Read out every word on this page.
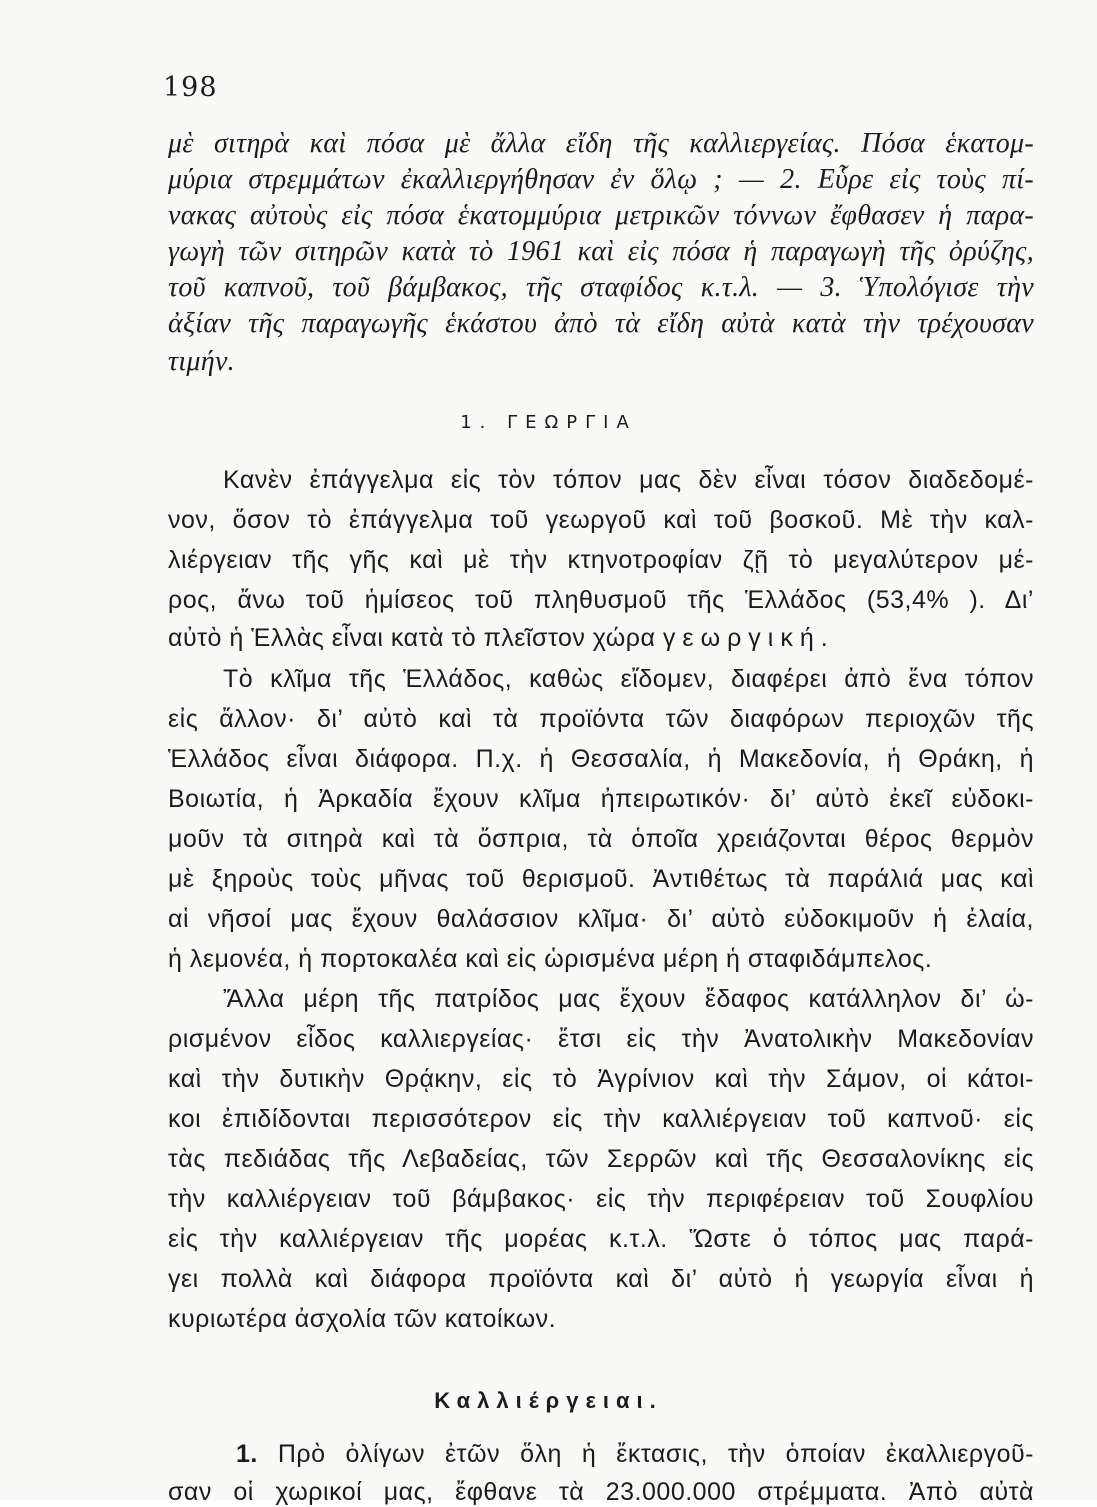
198
μὲ σιτηρὰ καὶ πόσα μὲ ἄλλα εἴδη τῆς καλλιεργείας. Πόσα ἑκατομ-
μύρια στρεμμάτων ἐκαλλιεργήθησαν ἐν ὅλῳ ; — 2. Εὗρε εἰς τοὺς πί-
νακας αὐτοὺς εἰς πόσα ἑκατομμύρια μετρικῶν τόννων ἔφθασεν ἡ παρα-
γωγὴ τῶν σιτηρῶν κατὰ τὸ 1961 καὶ εἰς πόσα ἡ παραγωγὴ τῆς ὀρύζης,
τοῦ καπνοῦ, τοῦ βάμβακος, τῆς σταφίδος κ.τ.λ. — 3. Ὑπολόγισε τὴν
ἀξίαν τῆς παραγωγῆς ἑκάστου ἀπὸ τὰ εἴδη αὐτὰ κατὰ τὴν τρέχουσαν
τιμήν.
1. ΓΕΩΡΓΙΑ
Κανὲν ἐπάγγελμα εἰς τὸν τόπον μας δὲν εἶναι τόσον διαδεδομέ-
νον, ὅσον τὸ ἐπάγγελμα τοῦ γεωργοῦ καὶ τοῦ βοσκοῦ. Μὲ τὴν καλ-
λιέργειαν τῆς γῆς καὶ μὲ τὴν κτηνοτροφίαν ζῇ τὸ μεγαλύτερον μέ-
ρος, ἄνω τοῦ ἡμίσεος τοῦ πληθυσμοῦ τῆς Ἑλλάδος (53,4% ). Δι’
αὐτὸ ἡ Ἑλλὰς εἶναι κατὰ τὸ πλεῖστον χώρα γεωργική.
Τὸ κλῖμα τῆς Ἑλλάδος, καθὼς εἴδομεν, διαφέρει ἀπὸ ἕνα τόπον
εἰς ἄλλον· δι’ αὐτὸ καὶ τὰ προϊόντα τῶν διαφόρων περιοχῶν τῆς
Ἑλλάδος εἶναι διάφορα. Π.χ. ἡ Θεσσαλία, ἡ Μακεδονία, ἡ Θράκη, ἡ
Βοιωτία, ἡ Ἀρκαδία ἔχουν κλῖμα ἠπειρωτικόν· δι’ αὐτὸ ἐκεῖ εὐδοκι-
μοῦν τὰ σιτηρὰ καὶ τὰ ὄσπρια, τὰ ὁποῖα χρειάζονται θέρος θερμὸν
μὲ ξηροὺς τοὺς μῆνας τοῦ θερισμοῦ. Ἀντιθέτως τὰ παράλιά μας καὶ
αἱ νῆσοί μας ἔχουν θαλάσσιον κλῖμα· δι’ αὐτὸ εὐδοκιμοῦν ἡ ἐλαία,
ἡ λεμονέα, ἡ πορτοκαλέα καὶ εἰς ὡρισμένα μέρη ἡ σταφιδάμπελος.
Ἄλλα μέρη τῆς πατρίδος μας ἔχουν ἔδαφος κατάλληλον δι’ ὡ-
ρισμένον εἶδος καλλιεργείας· ἔτσι εἰς τὴν Ἀνατολικὴν Μακεδονίαν
καὶ τὴν δυτικὴν Θρᾴκην, εἰς τὸ Ἀγρίνιον καὶ τὴν Σάμον, οἱ κάτοι-
κοι ἐπιδίδονται περισσότερον εἰς τὴν καλλιέργειαν τοῦ καπνοῦ· εἰς
τὰς πεδιάδας τῆς Λεβαδείας, τῶν Σερρῶν καὶ τῆς Θεσσαλονίκης εἰς
τὴν καλλιέργειαν τοῦ βάμβακος· εἰς τὴν περιφέρειαν τοῦ Σουφλίου
εἰς τὴν καλλιέργειαν τῆς μορέας κ.τ.λ. Ὥστε ὁ τόπος μας παρά-
γει πολλὰ καὶ διάφορα προϊόντα καὶ δι’ αὐτὸ ἡ γεωργία εἶναι ἡ
κυριωτέρα ἀσχολία τῶν κατοίκων.
Καλλιέργειαι.
1. Πρὸ ὀλίγων ἐτῶν ὅλη ἡ ἔκτασις, τὴν ὁποίαν ἐκαλλιεργοῦ-
σαν οἱ χωρικοί μας, ἔφθανε τὰ 23.000.000 στρέμματα. Ἀπὸ αὐτὰ
